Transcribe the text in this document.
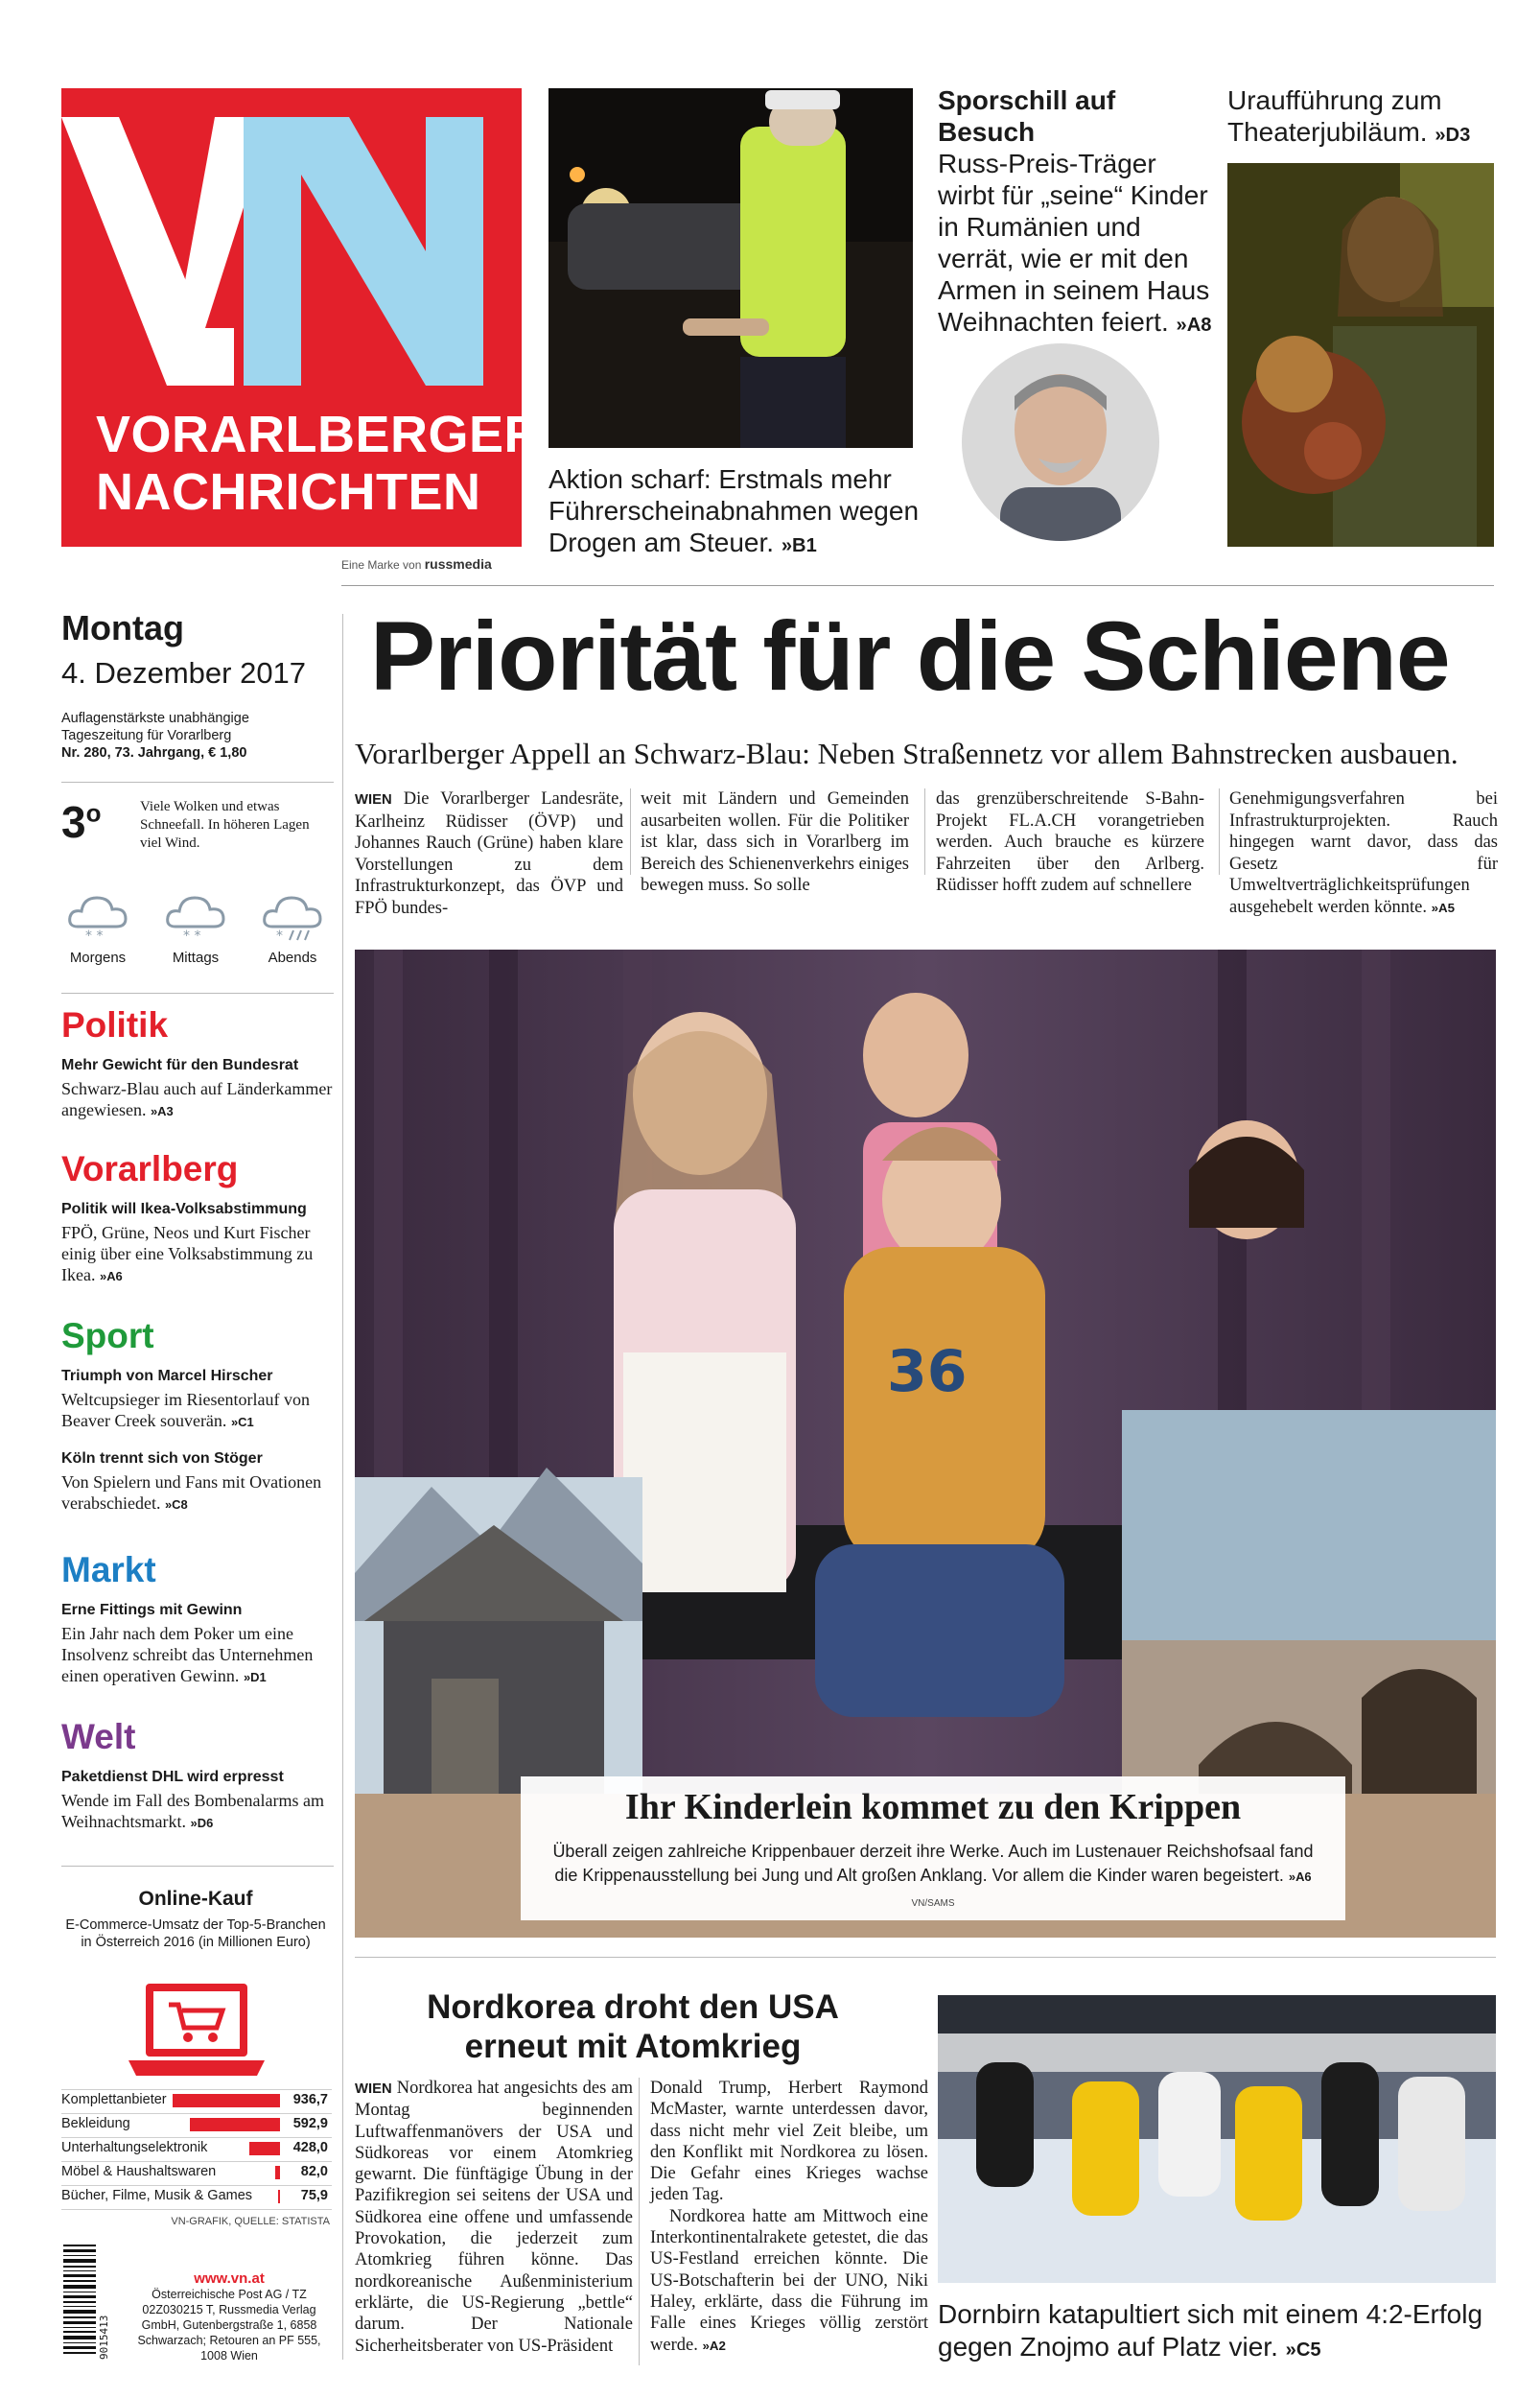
VORARLBERGER
NACHRICHTEN
Eine Marke von russmedia
Aktion scharf: Erstmals mehr Führerscheinabnahmen wegen Drogen am Steuer. »B1
Sporschill auf Besuch
Russ-Preis-Träger wirbt für „seine“ Kinder in Rumänien und verrät, wie er mit den Armen in seinem Haus Weihnachten feiert. »A8
Uraufführung zum Theaterjubiläum. »D3
Montag
4. Dezember 2017
Auflagenstärkste unabhängige Tageszeitung für Vorarlberg
Nr. 280, 73. Jahrgang, € 1,80
3$^o$	Viele Wolken und etwas Schneefall. In höheren Lagen viel Wind.
* *
Morgens
* *
Mittags
*
Abends
Politik
Mehr Gewicht für den Bundesrat
Schwarz-Blau auch auf Länderkammer angewiesen. »A3
Vorarlberg
Politik will Ikea-Volksabstimmung
FPÖ, Grüne, Neos und Kurt Fischer einig über eine Volksabstimmung zu Ikea. »A6
Sport
Triumph von Marcel Hirscher
Weltcupsieger im Riesentorlauf von Beaver Creek souverän. »C1
Köln trennt sich von Stöger
Von Spielern und Fans mit Ovationen verabschiedet. »C8
Markt
Erne Fittings mit Gewinn
Ein Jahr nach dem Poker um eine Insolvenz schreibt das Unternehmen einen operativen Gewinn. »D1
Welt
Paketdienst DHL wird erpresst
Wende im Fall des Bombenalarms am Weihnachtsmarkt. »D6
Online-Kauf
E-Commerce-Umsatz der Top-5-Branchen in Österreich 2016 (in Millionen Euro)
Komplettanbieter	936,7
Bekleidung	592,9
Unterhaltungselektronik	428,0
Möbel & Haushaltswaren	82,0
Bücher, Filme, Musik & Games	75,9
VN-GRAFIK, QUELLE: STATISTA
9015413
www.vn.at
Österreichische Post AG / TZ 02Z030215 T, Russmedia Verlag GmbH, Gutenbergstraße 1, 6858 Schwarzach; Retouren an PF 555, 1008 Wien
Priorität für die Schiene
Vorarlberger Appell an Schwarz-Blau: Neben Straßennetz vor allem Bahnstrecken ausbauen.
WIEN Die Vorarlberger Landesräte, Karlheinz Rüdisser (ÖVP) und Johannes Rauch (Grüne) haben klare Vorstellungen zu dem Infrastrukturkonzept, das ÖVP und FPÖ bundes-
weit mit Ländern und Gemeinden ausarbeiten wollen. Für die Politiker ist klar, dass sich in Vorarlberg im Bereich des Schienenverkehrs einiges bewegen muss. So solle
das grenzüberschreitende S-Bahn-Projekt FL.A.CH vorangetrieben werden. Auch brauche es kürzere Fahrzeiten über den Arlberg. Rüdisser hofft zudem auf schnellere
Genehmigungsverfahren bei Infrastrukturprojekten. Rauch hingegen warnt davor, dass das Gesetz für Umweltverträglichkeitsprüfungen ausgehebelt werden könnte. »A5
36
Ihr Kinderlein kommet zu den Krippen
Überall zeigen zahlreiche Krippenbauer derzeit ihre Werke. Auch im Lustenauer Reichshofsaal fand die Krippenausstellung bei Jung und Alt großen Anklang. Vor allem die Kinder waren begeistert. »A6 VN/SAMS
Nordkorea droht den USA
erneut mit Atomkrieg
WIEN Nordkorea hat angesichts des am Montag beginnenden Luftwaffenmanövers der USA und Südkoreas vor einem Atomkrieg gewarnt. Die fünftägige Übung in der Pazifikregion sei seitens der USA und Südkorea eine offene und umfassende Provokation, die jederzeit zum Atomkrieg führen könne. Das nordkoreanische Außenministerium erklärte, die US-Regierung „bettle“ darum. Der Nationale Sicherheitsberater von US-Präsident
Donald Trump, Herbert Raymond McMaster, warnte unterdessen davor, dass nicht mehr viel Zeit bleibe, um den Konflikt mit Nordkorea zu lösen. Die Gefahr eines Krieges wachse jeden Tag.
Nordkorea hatte am Mittwoch eine Interkontinentalrakete getestet, die das US-Festland erreichen könnte. Die US-Botschafterin bei der UNO, Niki Haley, erklärte, dass die Führung im Falle eines Krieges völlig zerstört werde. »A2
Dornbirn katapultiert sich mit einem 4:2-Erfolg gegen Znojmo auf Platz vier. »C5
